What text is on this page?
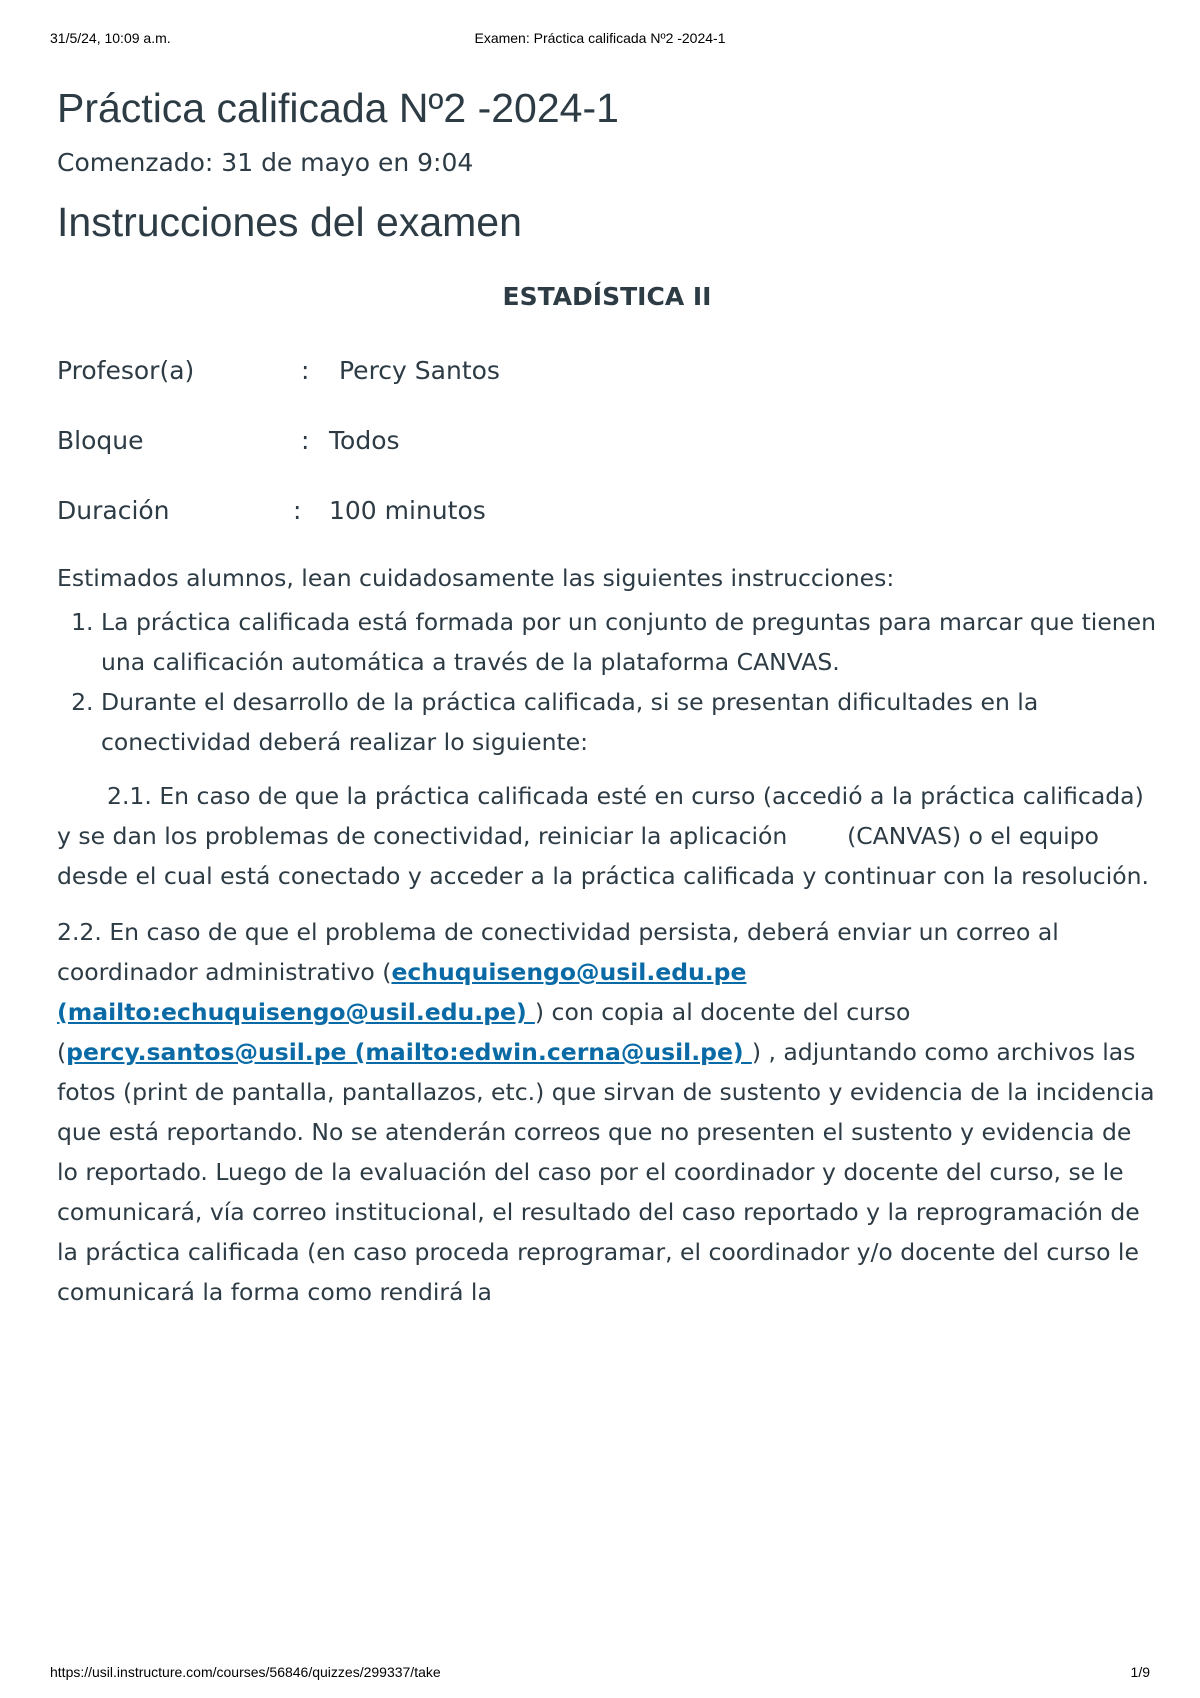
31/5/24, 10:09 a.m.	Examen: Práctica calificada Nº2 -2024-1
Práctica calificada Nº2 -2024-1

Comenzado: 31 de mayo en 9:04

Instrucciones del examen

ESTADÍSTICA II

Profesor(a)	: Percy Santos
Bloque	: Todos
Duración	: 100 minutos

Estimados alumnos, lean cuidadosamente las siguientes instrucciones:

1. La práctica calificada está formada por un conjunto de preguntas para marcar que tienen una calificación automática a través de la plataforma CANVAS.
2. Durante el desarrollo de la práctica calificada, si se presentan dificultades en la conectividad deberá realizar lo siguiente:

2.1. En caso de que la práctica calificada esté en curso (accedió a la práctica calificada) y se dan los problemas de conectividad, reiniciar la aplicación        (CANVAS) o el equipo desde el cual está conectado y acceder a la práctica calificada y continuar con la resolución.

2.2. En caso de que el problema de conectividad persista, deberá enviar un correo al coordinador administrativo (echuquisengo@usil.edu.pe (mailto:echuquisengo@usil.edu.pe) ) con copia al docente del curso (percy.santos@usil.pe (mailto:edwin.cerna@usil.pe) ) , adjuntando como archivos las fotos (print de pantalla, pantallazos, etc.) que sirvan de sustento y evidencia de la incidencia que está reportando. No se atenderán correos que no presenten el sustento y evidencia de lo reportado. Luego de la evaluación del caso por el coordinador y docente del curso, se le comunicará, vía correo institucional, el resultado del caso reportado y la reprogramación de la práctica calificada (en caso proceda reprogramar, el coordinador y/o docente del curso le comunicará la forma como rendirá la

https://usil.instructure.com/courses/56846/quizzes/299337/take	1/9
